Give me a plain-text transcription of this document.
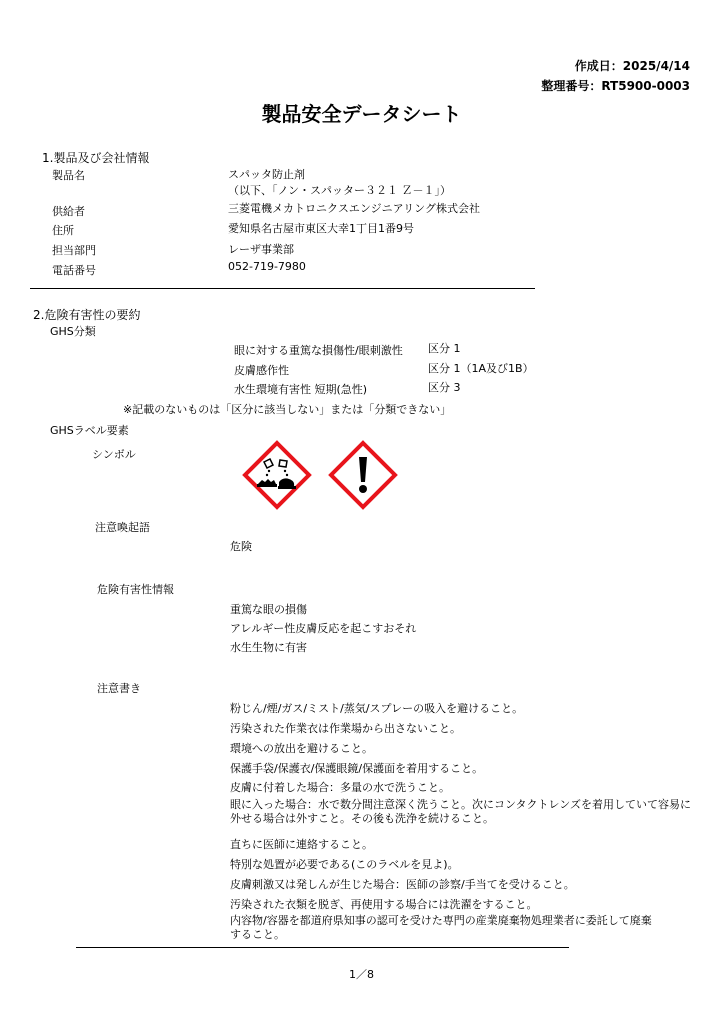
作成日：2025/4/14
整理番号：RT5900-0003
製品安全データシート
1.製品及び会社情報
製品名	スパッタ防止剤
（以下、「ノン・スパッター３２１ Ｚ－１」）
供給者	三菱電機メカトロニクスエンジニアリング株式会社
住所	愛知県名古屋市東区大幸1丁目1番9号
担当部門	レーザ事業部
電話番号	052-719-7980
2.危険有害性の要約
GHS分類
眼に対する重篤な損傷性/眼刺激性 区分 1
皮膚感作性	区分 1（1A及び1B）
水生環境有害性 短期(急性)	区分 3
※記載のないものは「区分に該当しない」または「分類できない」
GHSラベル要素
シンボル
注意喚起語
危険
危険有害性情報
重篤な眼の損傷
アレルギー性皮膚反応を起こすおそれ
水生生物に有害
注意書き
粉じん/煙/ガス/ミスト/蒸気/スプレーの吸入を避けること。
汚染された作業衣は作業場から出さないこと。
環境への放出を避けること。
保護手袋/保護衣/保護眼鏡/保護面を着用すること。
皮膚に付着した場合：多量の水で洗うこと。
眼に入った場合：水で数分間注意深く洗うこと。次にコンタクトレンズを着用していて容易に
外せる場合は外すこと。その後も洗浄を続けること。
直ちに医師に連絡すること。
特別な処置が必要である(このラベルを見よ)。
皮膚刺激又は発しんが生じた場合：医師の診察/手当てを受けること。
汚染された衣類を脱ぎ、再使用する場合には洗濯をすること。
内容物/容器を都道府県知事の認可を受けた専門の産業廃棄物処理業者に委託して廃棄
すること。
1／8
